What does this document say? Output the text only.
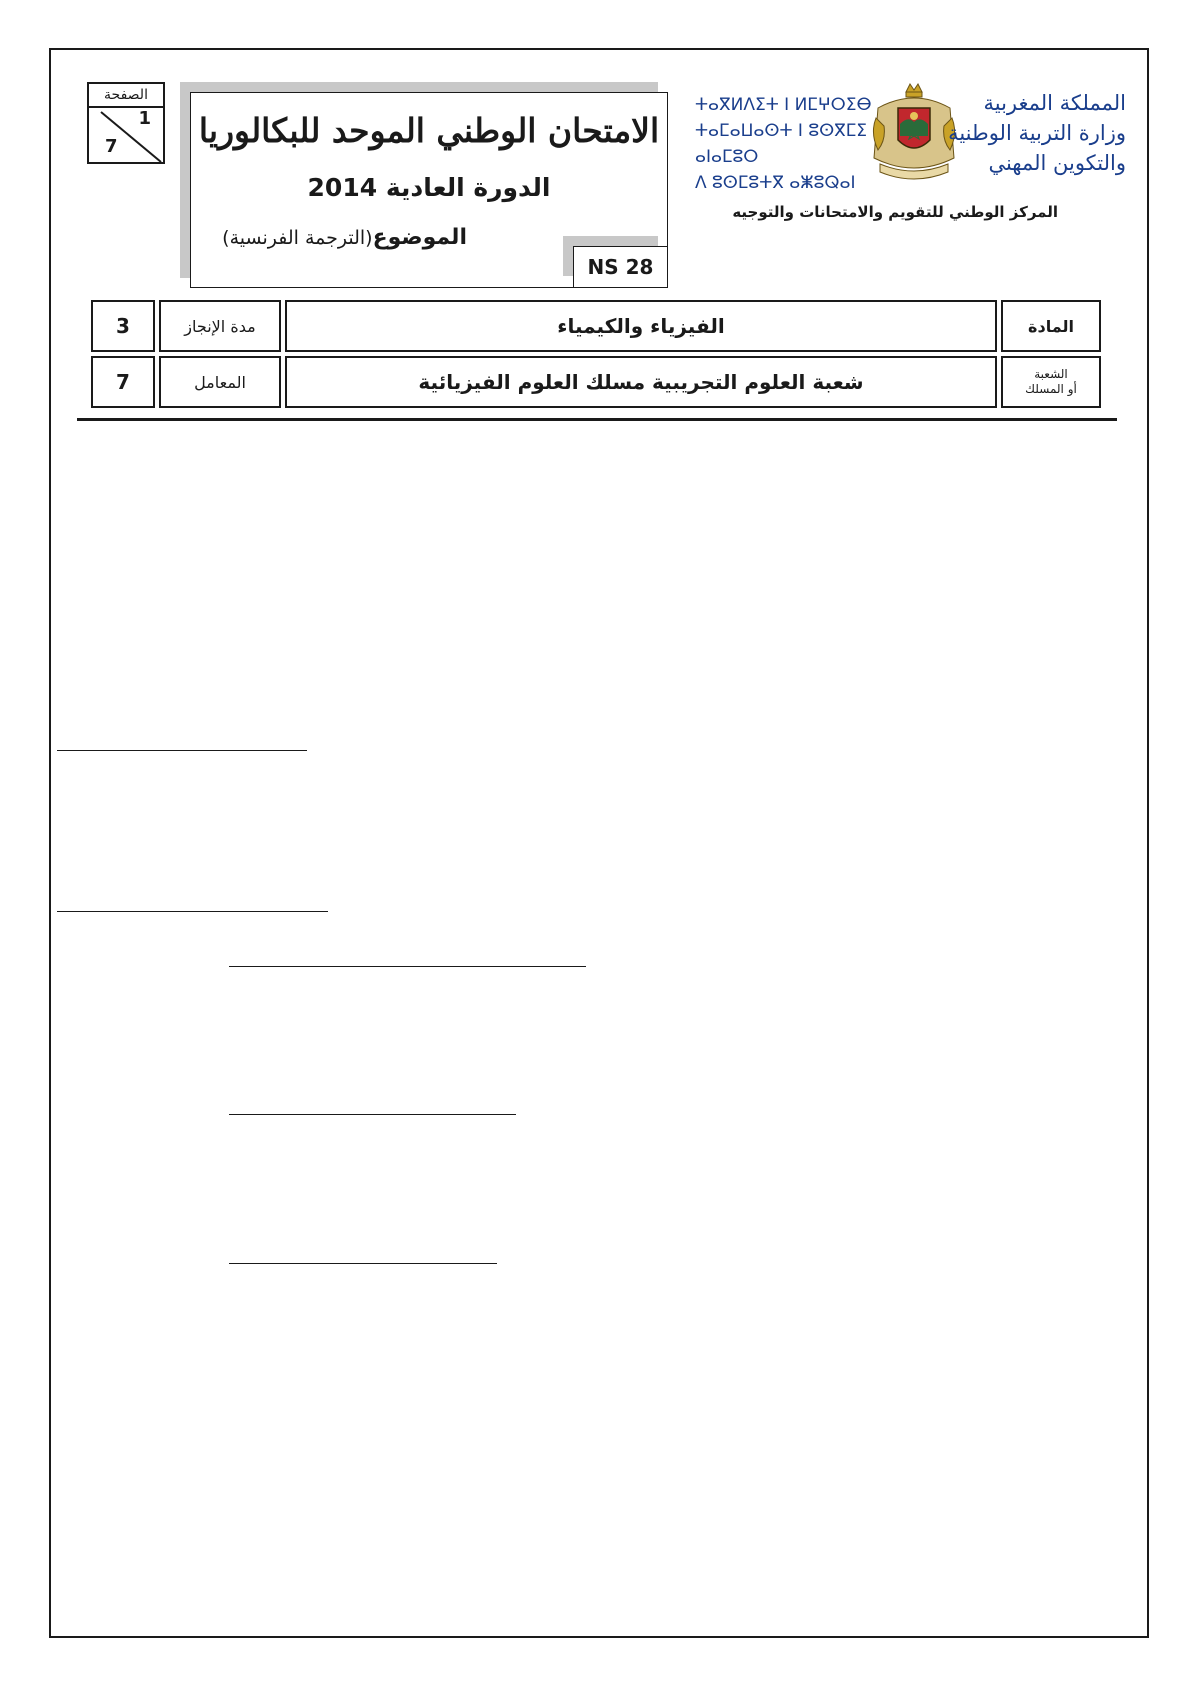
الصفحة
1
7 الامتحان الوطني الموحد للبكالوريا
الدورة العادية 2014
الموضوع(الترجمة الفرنسية)
NS 28
ⵜⴰⴳⵍⴷⵉⵜ ⵏ ⵍⵎⵖⵔⵉⴱ
ⵜⴰⵎⴰⵡⴰⵙⵜ ⵏ ⵓⵙⴳⵎⵉ ⴰⵏⴰⵎⵓⵔ
ⴷ ⵓⵙⵎⵓⵜⴳ ⴰⵥⵓⵕⴰⵏ
المملكة المغربية
وزارة التربية الوطنية
والتكوين المهني
المركز الوطني للتقويم والامتحانات والتوجيه
3	مدة الإنجاز	الفيزياء والكيمياء	المادة
7	المعامل	شعبة العلوم التجريبية مسلك العلوم الفيزيائية	الشعبة
أو المسلك
